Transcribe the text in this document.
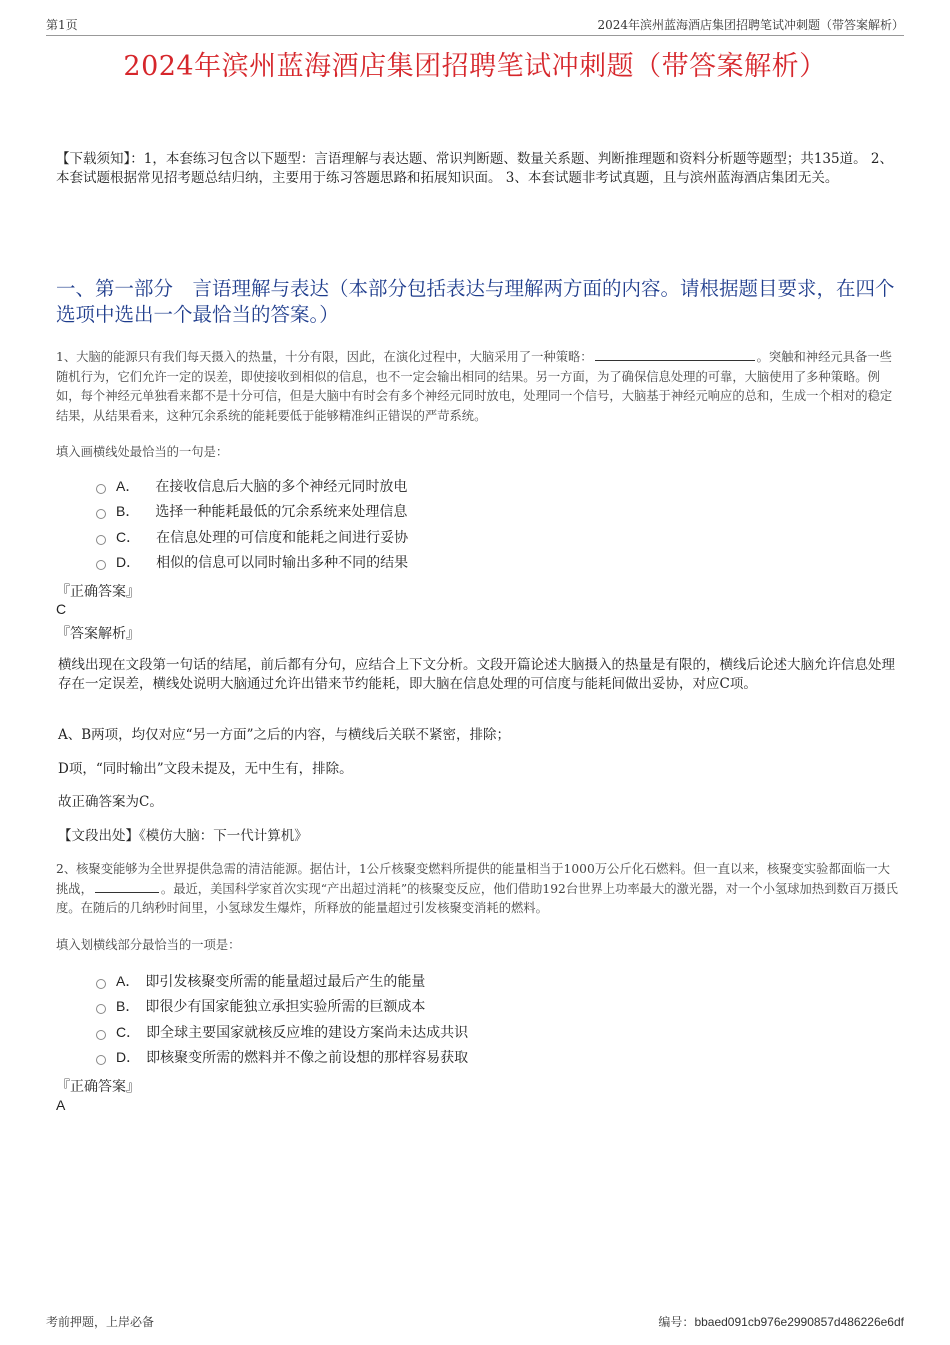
第1页	2024年滨州蓝海酒店集团招聘笔试冲刺题（带答案解析）
2024年滨州蓝海酒店集团招聘笔试冲刺题（带答案解析）
【下载须知】：1，本套练习包含以下题型：言语理解与表达题、常识判断题、数量关系题、判断推理题和资料分析题等题型；共135道。 2、本套试题根据常见招考题总结归纳，主要用于练习答题思路和拓展知识面。 3、本套试题非考试真题，且与滨州蓝海酒店集团无关。
一、第一部分　言语理解与表达（本部分包括表达与理解两方面的内容。请根据题目要求，在四个选项中选出一个最恰当的答案。）
1、大脑的能源只有我们每天摄入的热量，十分有限，因此，在演化过程中，大脑采用了一种策略：	。突触和神经元具备一些随机行为，它们允许一定的误差，即使接收到相似的信息，也不一定会输出相同的结果。另一方面，为了确保信息处理的可靠，大脑使用了多种策略。例如，每个神经元单独看来都不是十分可信，但是大脑中有时会有多个神经元同时放电，处理同一个信号，大脑基于神经元响应的总和，生成一个相对的稳定结果，从结果看来，这种冗余系统的能耗要低于能够精准纠正错误的严苛系统。
填入画横线处最恰当的一句是：
A． 在接收信息后大脑的多个神经元同时放电
B． 选择一种能耗最低的冗余系统来处理信息
C． 在信息处理的可信度和能耗之间进行妥协
D． 相似的信息可以同时输出多种不同的结果
『正确答案』
C
『答案解析』
横线出现在文段第一句话的结尾，前后都有分句，应结合上下文分析。文段开篇论述大脑摄入的热量是有限的，横线后论述大脑允许信息处理存在一定误差，横线处说明大脑通过允许出错来节约能耗，即大脑在信息处理的可信度与能耗间做出妥协，对应C项。
A、B两项，均仅对应“另一方面”之后的内容，与横线后关联不紧密，排除；
D项，“同时输出”文段未提及，无中生有，排除。
故正确答案为C。
【文段出处】《模仿大脑：下一代计算机》
2、核聚变能够为全世界提供急需的清洁能源。据估计，1公斤核聚变燃料所提供的能量相当于1000万公斤化石燃料。但一直以来，核聚变实验都面临一大挑战，	。最近，美国科学家首次实现“产出超过消耗”的核聚变反应，他们借助192台世界上功率最大的激光器，对一个小氢球加热到数百万摄氏度。在随后的几纳秒时间里，小氢球发生爆炸，所释放的能量超过引发核聚变消耗的燃料。
填入划横线部分最恰当的一项是：
A． 即引发核聚变所需的能量超过最后产生的能量
B． 即很少有国家能独立承担实验所需的巨额成本
C． 即全球主要国家就核反应堆的建设方案尚未达成共识
D． 即核聚变所需的燃料并不像之前设想的那样容易获取
『正确答案』
A
考前押题，上岸必备	编号：bbaed091cb976e2990857d486226e6df
